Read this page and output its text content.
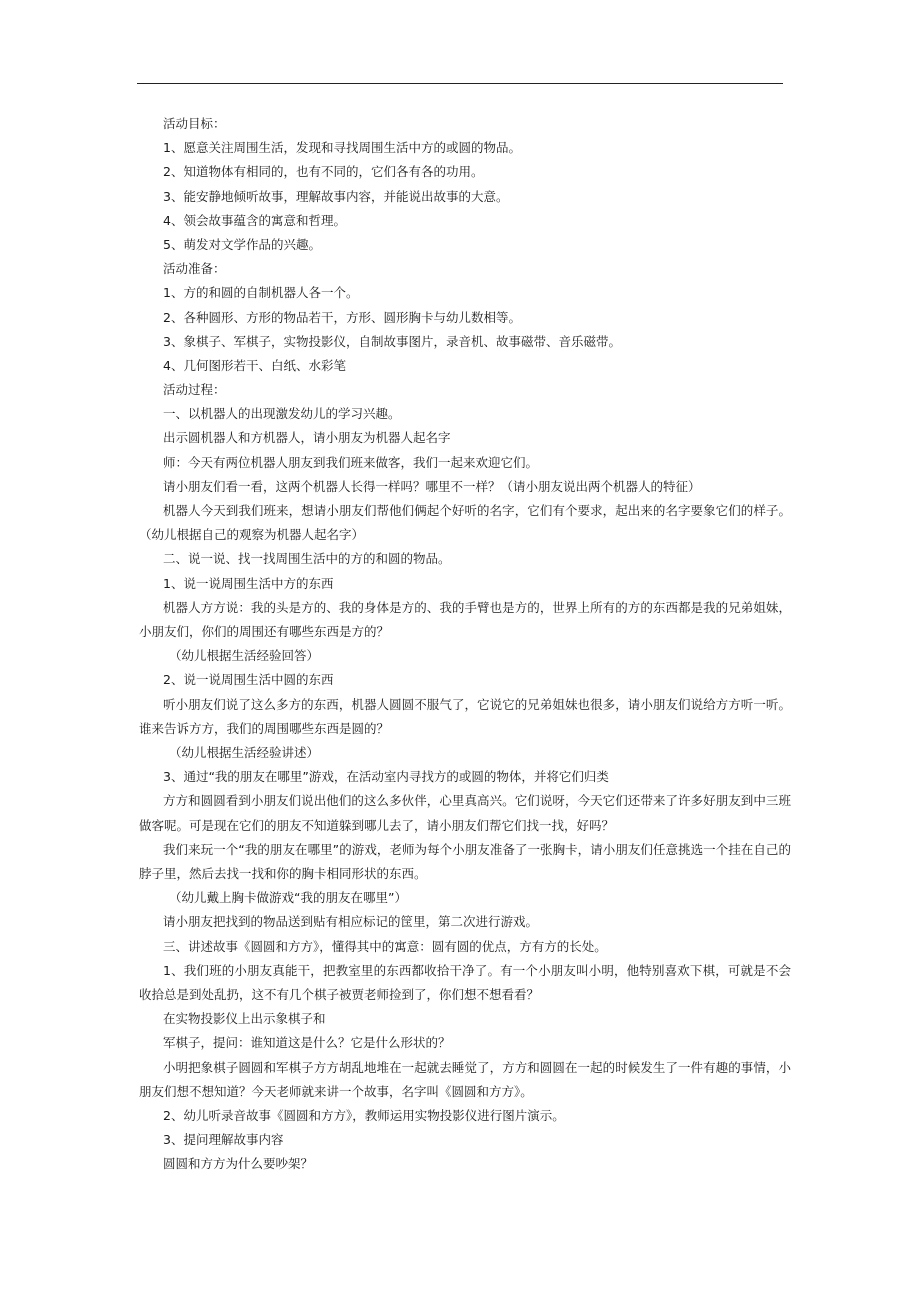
活动目标：
1、愿意关注周围生活，发现和寻找周围生活中方的或圆的物品。
2、知道物体有相同的，也有不同的，它们各有各的功用。
3、能安静地倾听故事，理解故事内容，并能说出故事的大意。
4、领会故事蕴含的寓意和哲理。
5、萌发对文学作品的兴趣。
活动准备：
1、方的和圆的自制机器人各一个。
2、各种圆形、方形的物品若干，方形、圆形胸卡与幼儿数相等。
3、象棋子、军棋子，实物投影仪，自制故事图片，录音机、故事磁带、音乐磁带。
4、几何图形若干、白纸、水彩笔
活动过程：
一、以机器人的出现激发幼儿的学习兴趣。
出示圆机器人和方机器人，请小朋友为机器人起名字
师：今天有两位机器人朋友到我们班来做客，我们一起来欢迎它们。
请小朋友们看一看，这两个机器人长得一样吗？哪里不一样？（请小朋友说出两个机器人的特征）
机器人今天到我们班来，想请小朋友们帮他们俩起个好听的名字，它们有个要求，起出来的名字要象它们的样子。（幼儿根据自己的观察为机器人起名字）
二、说一说、找一找周围生活中的方的和圆的物品。
1、说一说周围生活中方的东西
机器人方方说：我的头是方的、我的身体是方的、我的手臂也是方的，世界上所有的方的东西都是我的兄弟姐妹，小朋友们，你们的周围还有哪些东西是方的？
（幼儿根据生活经验回答）
2、说一说周围生活中圆的东西
听小朋友们说了这么多方的东西，机器人圆圆不服气了，它说它的兄弟姐妹也很多，请小朋友们说给方方听一听。谁来告诉方方，我们的周围哪些东西是圆的？
（幼儿根据生活经验讲述）
3、通过“我的朋友在哪里”游戏，在活动室内寻找方的或圆的物体，并将它们归类
方方和圆圆看到小朋友们说出他们的这么多伙伴，心里真高兴。它们说呀，今天它们还带来了许多好朋友到中三班做客呢。可是现在它们的朋友不知道躲到哪儿去了，请小朋友们帮它们找一找，好吗？
我们来玩一个“我的朋友在哪里”的游戏，老师为每个小朋友准备了一张胸卡，请小朋友们任意挑选一个挂在自己的脖子里，然后去找一找和你的胸卡相同形状的东西。
（幼儿戴上胸卡做游戏“我的朋友在哪里”）
请小朋友把找到的物品送到贴有相应标记的筐里，第二次进行游戏。
三、讲述故事《圆圆和方方》，懂得其中的寓意：圆有圆的优点，方有方的长处。
1、我们班的小朋友真能干，把教室里的东西都收拾干净了。有一个小朋友叫小明，他特别喜欢下棋，可就是不会收拾总是到处乱扔，这不有几个棋子被贾老师捡到了，你们想不想看看？
在实物投影仪上出示象棋子和
军棋子，提问：谁知道这是什么？它是什么形状的？
小明把象棋子圆圆和军棋子方方胡乱地堆在一起就去睡觉了，方方和圆圆在一起的时候发生了一件有趣的事情，小朋友们想不想知道？今天老师就来讲一个故事，名字叫《圆圆和方方》。
2、幼儿听录音故事《圆圆和方方》，教师运用实物投影仪进行图片演示。
3、提问理解故事内容
圆圆和方方为什么要吵架？
